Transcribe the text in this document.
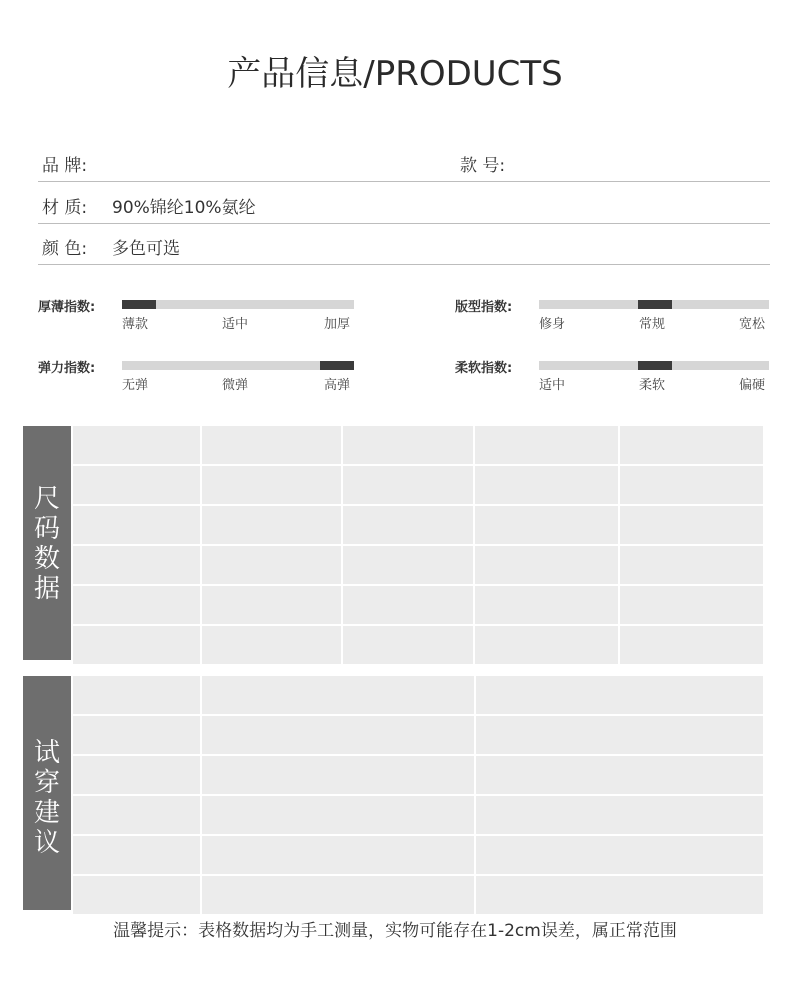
产品信息/PRODUCTS
品 牌:	款 号:
材 质: 90%锦纶10%氨纶
颜 色: 多色可选
厚薄指数:
薄款	适中	加厚
版型指数:
修身	常规	宽松
弹力指数:
无弹	微弹	高弹
柔软指数:
适中	柔软	偏硬
尺
码
数
据
试
穿
建
议
温馨提示：表格数据均为手工测量，实物可能存在1-2cm误差，属正常范围
